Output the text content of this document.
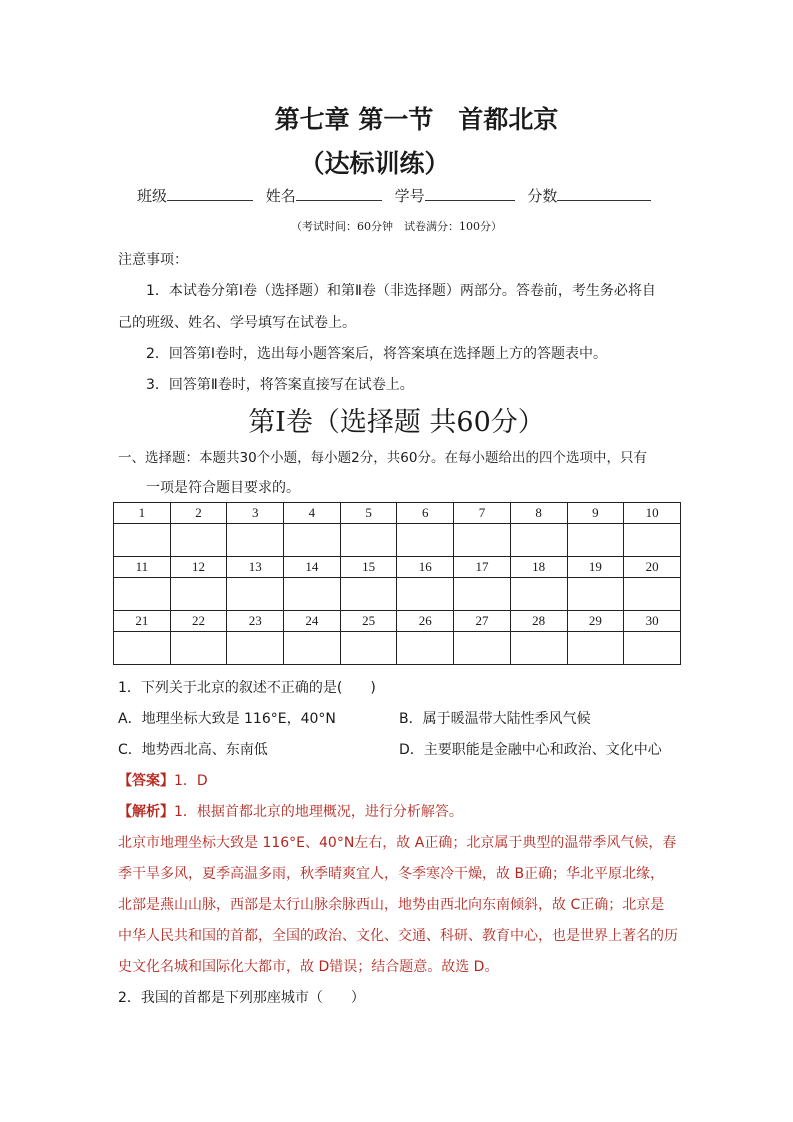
第七章 第一节　首都北京
（达标训练）
班级	姓名	学号	分数
（考试时间：60分钟　试卷满分：100分）
注意事项：
1．本试卷分第Ⅰ卷（选择题）和第Ⅱ卷（非选择题）两部分。答卷前，考生务必将自
己的班级、姓名、学号填写在试卷上。
2．回答第Ⅰ卷时，选出每小题答案后，将答案填在选择题上方的答题表中。
3．回答第Ⅱ卷时，将答案直接写在试卷上。
第Ⅰ卷（选择题 共60分）
一、选择题：本题共30个小题，每小题2分，共60分。在每小题给出的四个选项中，只有
一项是符合题目要求的。
1	2	3	4	5	6	7	8	9	10

11	12	13	14	15	16	17	18	19	20

21	22	23	24	25	26	27	28	29	30

1．下列关于北京的叙述不正确的是(　　)
A．地理坐标大致是 116°E，40°N	B．属于暖温带大陆性季风气候
C．地势西北高、东南低	D．主要职能是金融中心和政治、文化中心
【答案】1．D
【解析】1．根据首都北京的地理概况，进行分析解答。
北京市地理坐标大致是 116°E、40°N左右，故 A正确；北京属于典型的温带季风气候，春
季干旱多风，夏季高温多雨，秋季晴爽宜人，冬季寒冷干燥，故 B正确；华北平原北缘，
北部是燕山山脉，西部是太行山脉余脉西山，地势由西北向东南倾斜，故 C正确；北京是
中华人民共和国的首都，全国的政治、文化、交通、科研、教育中心，也是世界上著名的历
史文化名城和国际化大都市，故 D错误；结合题意。故选 D。
2．我国的首都是下列那座城市（　　）
